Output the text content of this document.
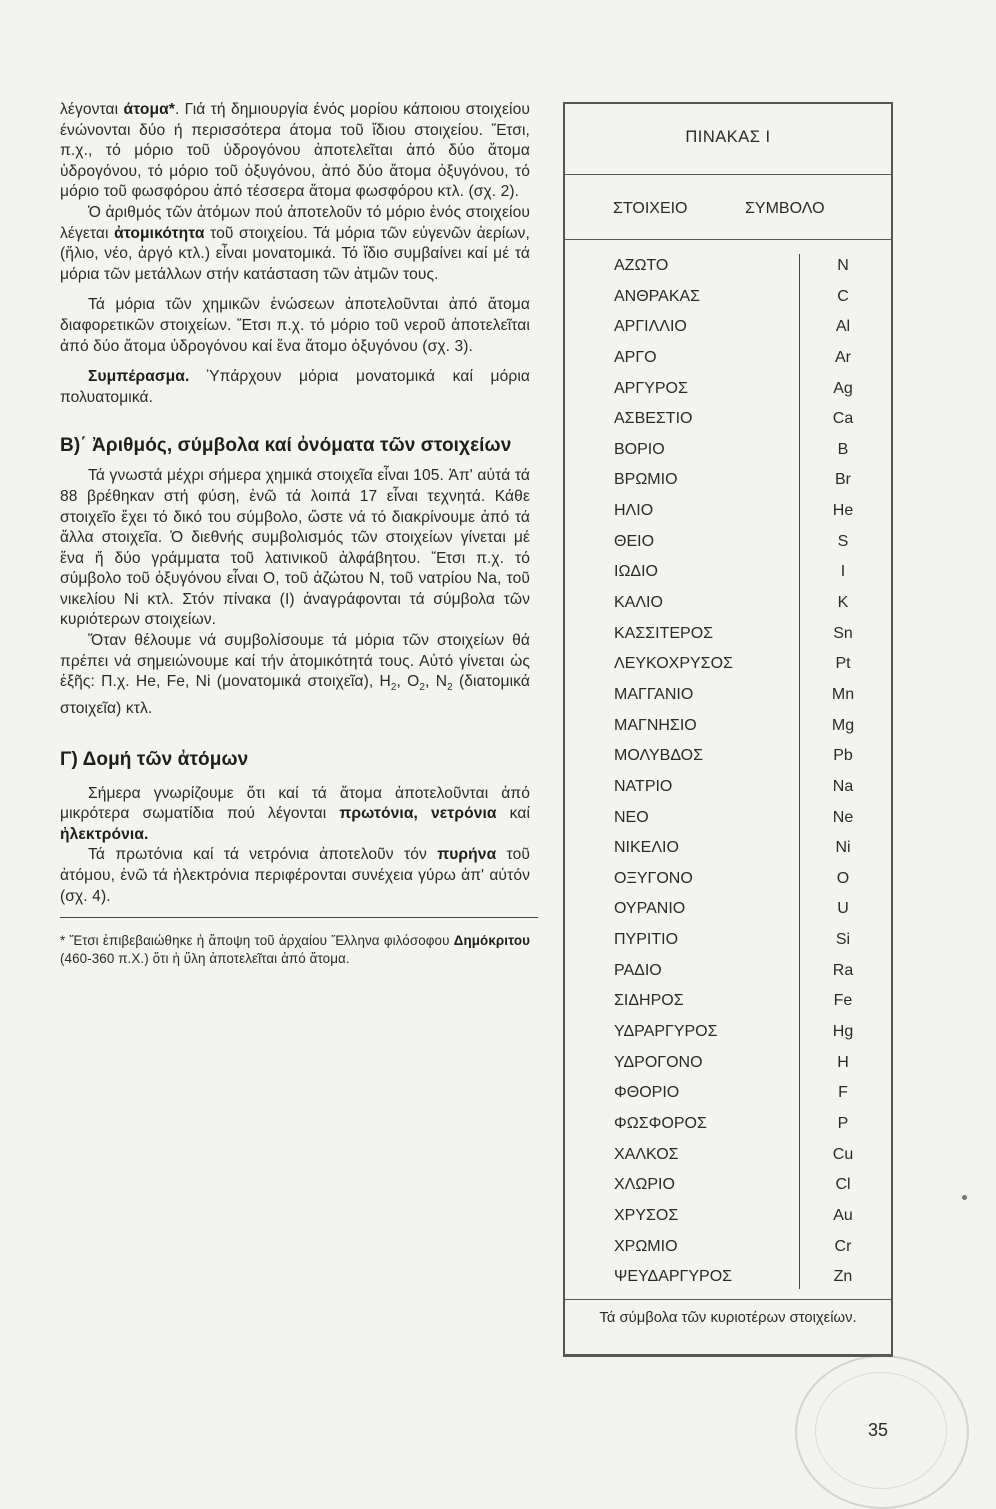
λέγονται άτομα*. Γιά τή δημιουργία ένός μορίου κάποιου στοιχείου ένώνονται δύο ή περισσότερα άτομα τοῦ ἴδιου στοιχείου. Ἔτσι, π.χ., τό μόριο τοῦ ὑδρογόνου ἀποτελεῖται ἀπό δύο ἄτομα ὑδρογόνου, τό μόριο τοῦ ὀξυγόνου, ἀπό δύο ἄτομα ὀξυγόνου, τό μόριο τοῦ φωσφόρου ἀπό τέσσερα ἄτομα φωσφόρου κτλ. (σχ. 2).

Ὁ ἀριθμός τῶν ἀτόμων πού ἀποτελοῦν τό μόριο ἑνός στοιχείου λέγεται ἀτομικότητα τοῦ στοιχείου. Τά μόρια τῶν εὐγενῶν ἀερίων, (ἥλιο, νέο, ἀργό κτλ.) εἶναι μονατομικά. Τό ἴδιο συμβαίνει καί μέ τά μόρια τῶν μετάλλων στήν κατάσταση τῶν ἀτμῶν τους.

Τά μόρια τῶν χημικῶν ἑνώσεων ἀποτελοῦνται ἀπό ἄτομα διαφορετικῶν στοιχείων. Ἔτσι π.χ. τό μόριο τοῦ νεροῦ ἀποτελεῖται ἀπό δύο ἄτομα ὑδρογόνου καί ἕνα ἄτομο ὀξυγόνου (σχ. 3).

Συμπέρασμα. Ὑπάρχουν μόρια μονατομικά καί μόρια πολυατομικά.

Β)΄ Ἀριθμός, σύμβολα καί ὀνόματα τῶν στοιχείων

Τά γνωστά μέχρι σήμερα χημικά στοιχεῖα εἶναι 105. Ἀπ' αὐτά τά 88 βρέθηκαν στή φύση, ἐνῶ τά λοιπά 17 εἶναι τεχνητά. Κάθε στοιχεῖο ἔχει τό δικό του σύμβολο, ὥστε νά τό διακρίνουμε ἀπό τά ἄλλα στοιχεῖα. Ὁ διεθνής συμβολισμός τῶν στοιχείων γίνεται μέ ἕνα ἤ δύο γράμματα τοῦ λατινικοῦ ἀλφάβητου. Ἔτσι π.χ. τό σύμβολο τοῦ ὀξυγόνου εἶναι Ο, τοῦ ἀζώτου Ν, τοῦ νατρίου Na, τοῦ νικελίου Ni κτλ. Στόν πίνακα (Ι) ἀναγράφονται τά σύμβολα τῶν κυριότερων στοιχείων.

Ὅταν θέλουμε νά συμβολίσουμε τά μόρια τῶν στοιχείων θά πρέπει νά σημειώνουμε καί τήν ἀτομικότητά τους. Αὐτό γίνεται ὡς ἑξῆς: Π.χ. He, Fe, Ni (μονατομικά στοιχεῖα), $H_2$, $O_2$, $N_2$ (διατομικά στοιχεῖα) κτλ.

Γ) Δομή τῶν ἀτόμων

Σήμερα γνωρίζουμε ὅτι καί τά ἄτομα ἀποτελοῦνται ἀπό μικρότερα σωματίδια πού λέγονται πρωτόνια, νετρόνια καί ἠλεκτρόνια.

Τά πρωτόνια καί τά νετρόνια ἀποτελοῦν τόν πυρήνα τοῦ ἀτόμου, ἐνῶ τά ἠλεκτρόνια περιφέρονται συνέχεια γύρω ἀπ' αὐτόν (σχ. 4).

* Ἔτσι ἐπιβεβαιώθηκε ἡ ἄποψη τοῦ ἀρχαίου Ἕλληνα φιλόσοφου Δημόκριτου (460-360 π.Χ.) ὅτι ἡ ὕλη ἀποτελεῖται ἀπό ἄτομα.

ΠΙΝΑΚΑΣ Ι
ΣΤΟΙΧΕΙΟ	ΣΥΜΒΟΛΟ
ΑΖΩΤΟ	N
ΑΝΘΡΑΚΑΣ	C
ΑΡΓΙΛΛΙΟ	Al
ΑΡΓΟ	Ar
ΑΡΓΥΡΟΣ	Ag
ΑΣΒΕΣΤΙΟ	Ca
ΒΟΡΙΟ	B
ΒΡΩΜΙΟ	Br
ΗΛΙΟ	He
ΘΕΙΟ	S
ΙΩΔΙΟ	I
ΚΑΛΙΟ	K
ΚΑΣΣΙΤΕΡΟΣ	Sn
ΛΕΥΚΟΧΡΥΣΟΣ	Pt
ΜΑΓΓΑΝΙΟ	Mn
ΜΑΓΝΗΣΙΟ	Mg
ΜΟΛΥΒΔΟΣ	Pb
ΝΑΤΡΙΟ	Na
ΝΕΟ	Ne
ΝΙΚΕΛΙΟ	Ni
ΟΞΥΓΟΝΟ	O
ΟΥΡΑΝΙΟ	U
ΠΥΡΙΤΙΟ	Si
ΡΑΔΙΟ	Ra
ΣΙΔΗΡΟΣ	Fe
ΥΔΡΑΡΓΥΡΟΣ	Hg
ΥΔΡΟΓΟΝΟ	H
ΦΘΟΡΙΟ	F
ΦΩΣΦΟΡΟΣ	P
ΧΑΛΚΟΣ	Cu
ΧΛΩΡΙΟ	Cl
ΧΡΥΣΟΣ	Au
ΧΡΩΜΙΟ	Cr
ΨΕΥΔΑΡΓΥΡΟΣ	Zn
Τά σύμβολα τῶν κυριοτέρων στοιχείων.
35
